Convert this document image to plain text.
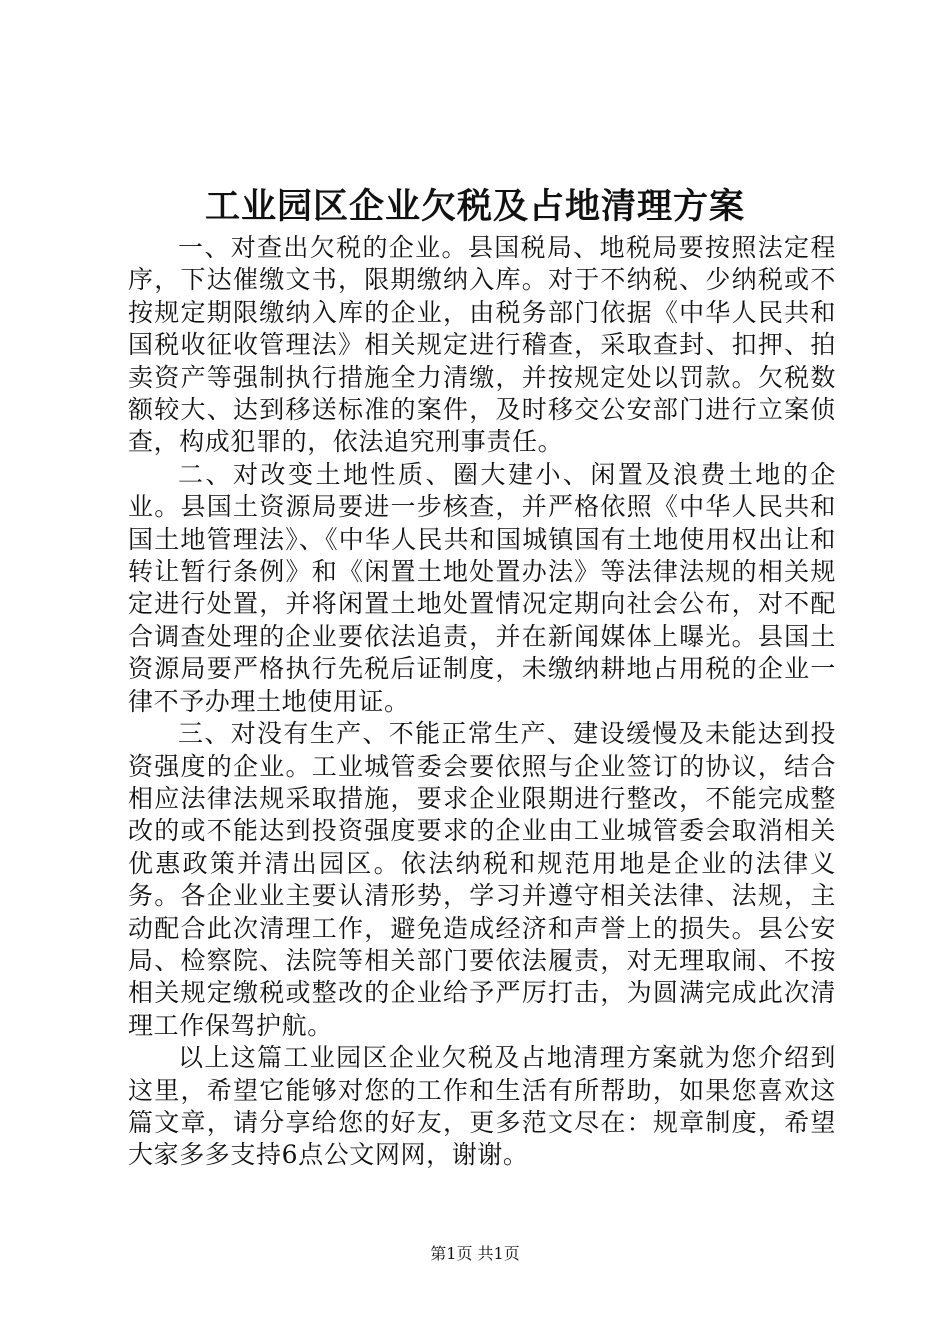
工业园区企业欠税及占地清理方案

一、对查出欠税的企业。县国税局、地税局要按照法定程序，下达催缴文书，限期缴纳入库。对于不纳税、少纳税或不按规定期限缴纳入库的企业，由税务部门依据《中华人民共和国税收征收管理法》相关规定进行稽查，采取查封、扣押、拍卖资产等强制执行措施全力清缴，并按规定处以罚款。欠税数额较大、达到移送标准的案件，及时移交公安部门进行立案侦查，构成犯罪的，依法追究刑事责任。

二、对改变土地性质、圈大建小、闲置及浪费土地的企业。县国土资源局要进一步核查，并严格依照《中华人民共和国土地管理法》、《中华人民共和国城镇国有土地使用权出让和转让暂行条例》和《闲置土地处置办法》等法律法规的相关规定进行处置，并将闲置土地处置情况定期向社会公布，对不配合调查处理的企业要依法追责，并在新闻媒体上曝光。县国土资源局要严格执行先税后证制度，未缴纳耕地占用税的企业一律不予办理土地使用证。

三、对没有生产、不能正常生产、建设缓慢及未能达到投资强度的企业。工业城管委会要依照与企业签订的协议，结合相应法律法规采取措施，要求企业限期进行整改，不能完成整改的或不能达到投资强度要求的企业由工业城管委会取消相关优惠政策并清出园区。依法纳税和规范用地是企业的法律义务。各企业业主要认清形势，学习并遵守相关法律、法规，主动配合此次清理工作，避免造成经济和声誉上的损失。县公安局、检察院、法院等相关部门要依法履责，对无理取闹、不按相关规定缴税或整改的企业给予严厉打击，为圆满完成此次清理工作保驾护航。

以上这篇工业园区企业欠税及占地清理方案就为您介绍到这里，希望它能够对您的工作和生活有所帮助，如果您喜欢这篇文章，请分享给您的好友，更多范文尽在：规章制度，希望大家多多支持6点公文网网，谢谢。

第1页 共1页
